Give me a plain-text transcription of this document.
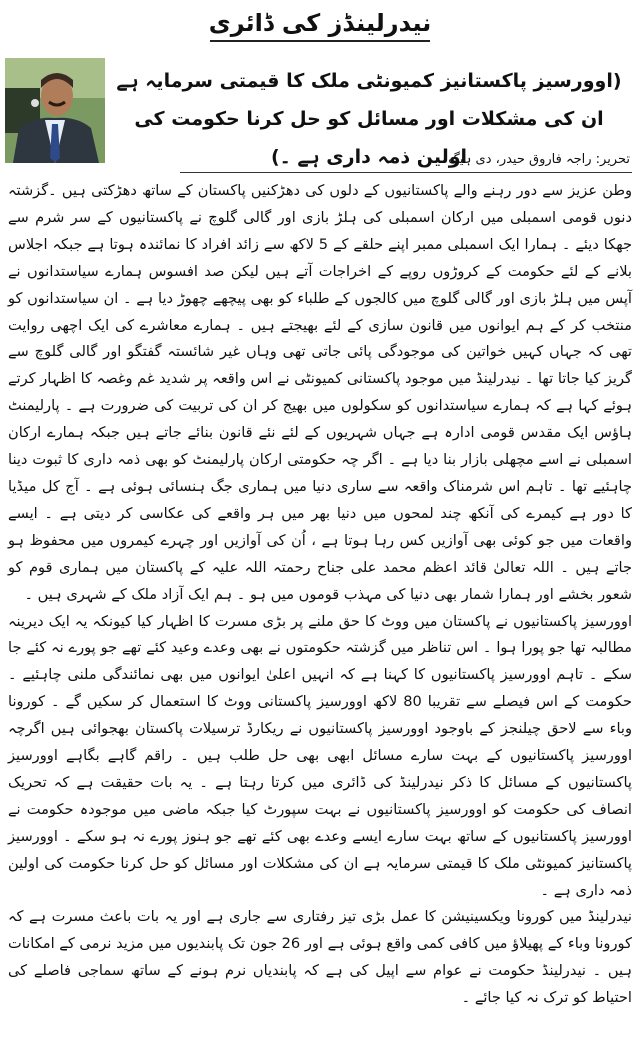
نیدرلینڈز کی ڈائری
(اوورسیز پاکستانیز کمیونٹی ملک کا قیمتی سرمایہ ہے ان کی مشکلات اور مسائل کو حل کرنا حکومت کی اولین ذمہ داری ہے ۔)
تحریر: راجہ فاروق حیدر، دی ہیگ ۔

وطن عزیز سے دور رہنے والے پاکستانیوں کے دلوں کی دھڑکنیں پاکستان کے ساتھ دھڑکتی ہیں ۔گزشتہ دنوں قومی اسمبلی میں ارکان اسمبلی کی ہلڑ بازی اور گالی گلوچ نے پاکستانیوں کے سر شرم سے جھکا دیئے ۔ ہمارا ایک اسمبلی ممبر اپنے حلقے کے 5 لاکھ سے زائد افراد کا نمائندہ ہوتا ہے جبکہ اجلاس بلانے کے لئے حکومت کے کروڑوں روپے کے اخراجات آتے ہیں لیکن صد افسوس ہمارے سیاستدانوں نے آپس میں ہلڑ بازی اور گالی گلوچ میں کالجوں کے طلباء کو بھی پیچھے چھوڑ دیا ہے ۔ ان سیاستدانوں کو منتخب کر کے ہم ایوانوں میں قانون سازی کے لئے بھیجتے ہیں ۔ ہمارے معاشرے کی ایک اچھی روایت تھی کہ جہاں کہیں خواتین کی موجودگی پائی جاتی تھی وہاں غیر شائستہ گفتگو اور گالی گلوچ سے گریز کیا جاتا تھا ۔ نیدرلینڈ میں موجود پاکستانی کمیونٹی نے اس واقعہ پر شدید غم وغصہ کا اظہار کرتے ہوئے کہا ہے کہ ہمارے سیاستدانوں کو سکولوں میں بھیج کر ان کی تربیت کی ضرورت ہے ۔ پارلیمنٹ ہاؤس ایک مقدس قومی ادارہ ہے جہاں شہریوں کے لئے نئے قانون بنائے جاتے ہیں جبکہ ہمارے ارکان اسمبلی نے اسے مچھلی بازار بنا دیا ہے ۔ اگر چہ حکومتی ارکان پارلیمنٹ کو بھی ذمہ داری کا ثبوت دینا چاہئیے تھا ۔ تاہم اس شرمناک واقعہ سے ساری دنیا میں ہماری جگ ہنسائی ہوئی ہے ۔ آج کل میڈیا کا دور ہے کیمرے کی آنکھ چند لمحوں میں دنیا بھر میں ہر واقعے کی عکاسی کر دیتی ہے ۔ ایسے واقعات میں جو کوئی بھی آوازیں کس رہا ہوتا ہے ، اُن کی آوازیں اور چہرے کیمروں میں محفوظ ہو جاتے ہیں ۔ اللہ تعالیٰ قائد اعظم محمد علی جناح رحمتہ اللہ علیہ کے پاکستان میں ہماری قوم کو شعور بخشے اور ہمارا شمار بھی دنیا کی مہذب قوموں میں ہو ۔ ہم ایک آزاد ملک کے شہری ہیں ۔

اوورسیز پاکستانیوں نے پاکستان میں ووٹ کا حق ملنے پر بڑی مسرت کا اظہار کیا کیونکہ یہ ایک دیرینہ مطالبہ تھا جو پورا ہوا ۔ اس تناظر میں گزشتہ حکومتوں نے بھی وعدے وعید کئے تھے جو پورے نہ کئے جا سکے ۔ تاہم اوورسیز پاکستانیوں کا کہنا ہے کہ انہیں اعلیٰ ایوانوں میں بھی نمائندگی ملنی چاہئیے ۔ حکومت کے اس فیصلے سے تقریبا 80 لاکھ اوورسیز پاکستانی ووٹ کا استعمال کر سکیں گے ۔ کورونا وباء سے لاحق چیلنجز کے باوجود اوورسیز پاکستانیوں نے ریکارڈ ترسیلات پاکستان بھجوائی ہیں اگرچہ اوورسیز پاکستانیوں کے بہت سارے مسائل ابھی بھی حل طلب ہیں ۔ راقم گاہے بگاہے اوورسیز پاکستانیوں کے مسائل کا ذکر نیدرلینڈ کی ڈائری میں کرتا رہتا ہے ۔ یہ بات حقیقت ہے کہ تحریک انصاف کی حکومت کو اوورسیز پاکستانیوں نے بہت سپورٹ کیا جبکہ ماضی میں موجودہ حکومت نے اوورسیز پاکستانیوں کے ساتھ بہت سارے ایسے وعدے بھی کئے تھے جو ہنوز پورے نہ ہو سکے ۔ اوورسیز پاکستانیز کمیونٹی ملک کا قیمتی سرمایہ ہے ان کی مشکلات اور مسائل کو حل کرنا حکومت کی اولین ذمہ داری ہے ۔

نیدرلینڈ میں کورونا ویکسینیشن کا عمل بڑی تیز رفتاری سے جاری ہے اور یہ بات باعث مسرت ہے کہ کورونا وباء کے پھیلاؤ میں کافی کمی واقع ہوئی ہے اور 26 جون تک پابندیوں میں مزید نرمی کے امکانات ہیں ۔ نیدرلینڈ حکومت نے عوام سے اپیل کی ہے کہ پابندیاں نرم ہونے کے ساتھ سماجی فاصلے کی احتیاط کو ترک نہ کیا جائے ۔
